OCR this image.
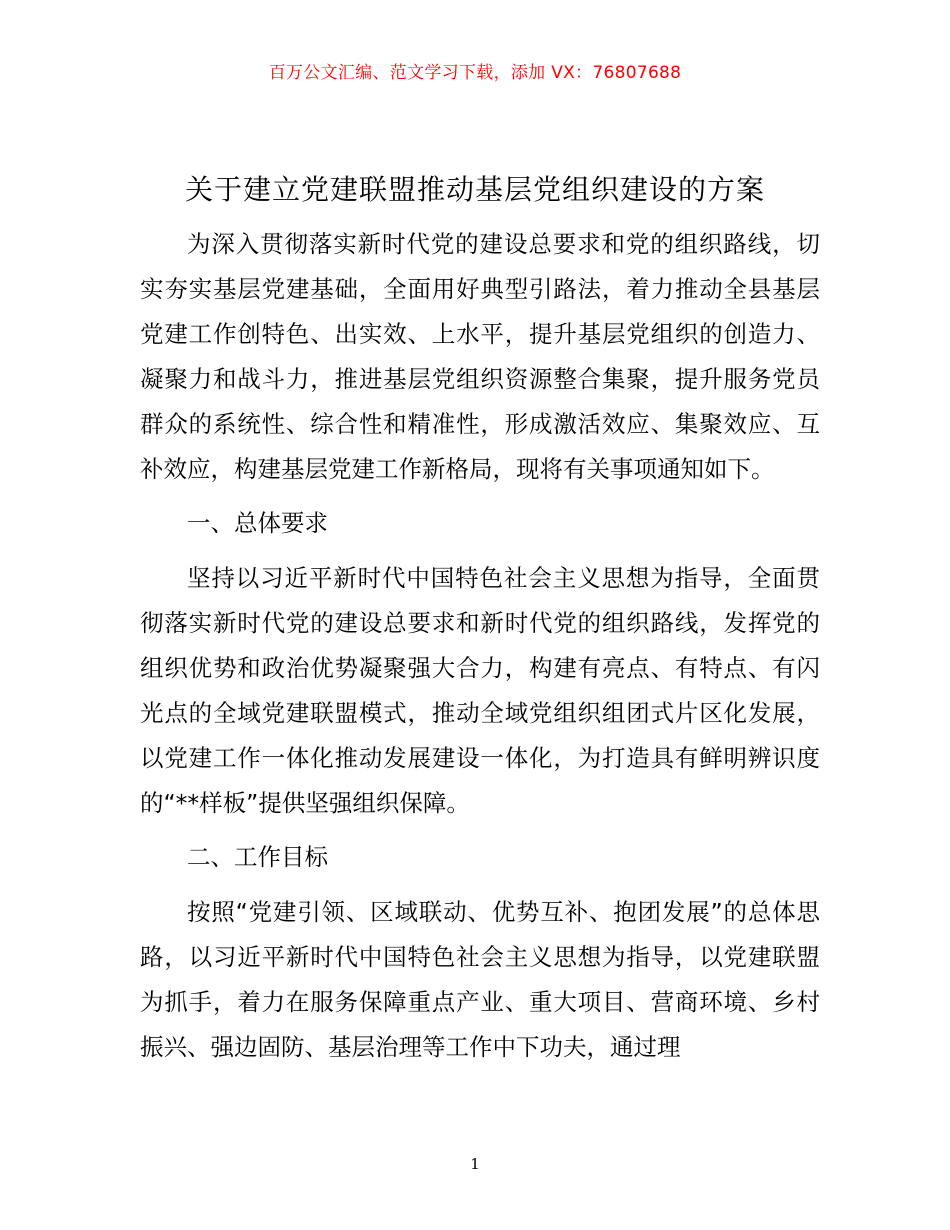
百万公文汇编、范文学习下载，添加 VX：76807688
关于建立党建联盟推动基层党组织建设的方案

为深入贯彻落实新时代党的建设总要求和党的组织路线，切实夯实基层党建基础，全面用好典型引路法，着力推动全县基层党建工作创特色、出实效、上水平，提升基层党组织的创造力、凝聚力和战斗力，推进基层党组织资源整合集聚，提升服务党员群众的系统性、综合性和精准性，形成激活效应、集聚效应、互补效应，构建基层党建工作新格局，现将有关事项通知如下。

一、总体要求

坚持以习近平新时代中国特色社会主义思想为指导，全面贯彻落实新时代党的建设总要求和新时代党的组织路线，发挥党的组织优势和政治优势凝聚强大合力，构建有亮点、有特点、有闪光点的全域党建联盟模式，推动全域党组织组团式片区化发展，以党建工作一体化推动发展建设一体化，为打造具有鲜明辨识度的“**样板”提供坚强组织保障。

二、工作目标

按照“党建引领、区域联动、优势互补、抱团发展”的总体思路，以习近平新时代中国特色社会主义思想为指导，以党建联盟为抓手，着力在服务保障重点产业、重大项目、营商环境、乡村振兴、强边固防、基层治理等工作中下功夫，通过理

1
